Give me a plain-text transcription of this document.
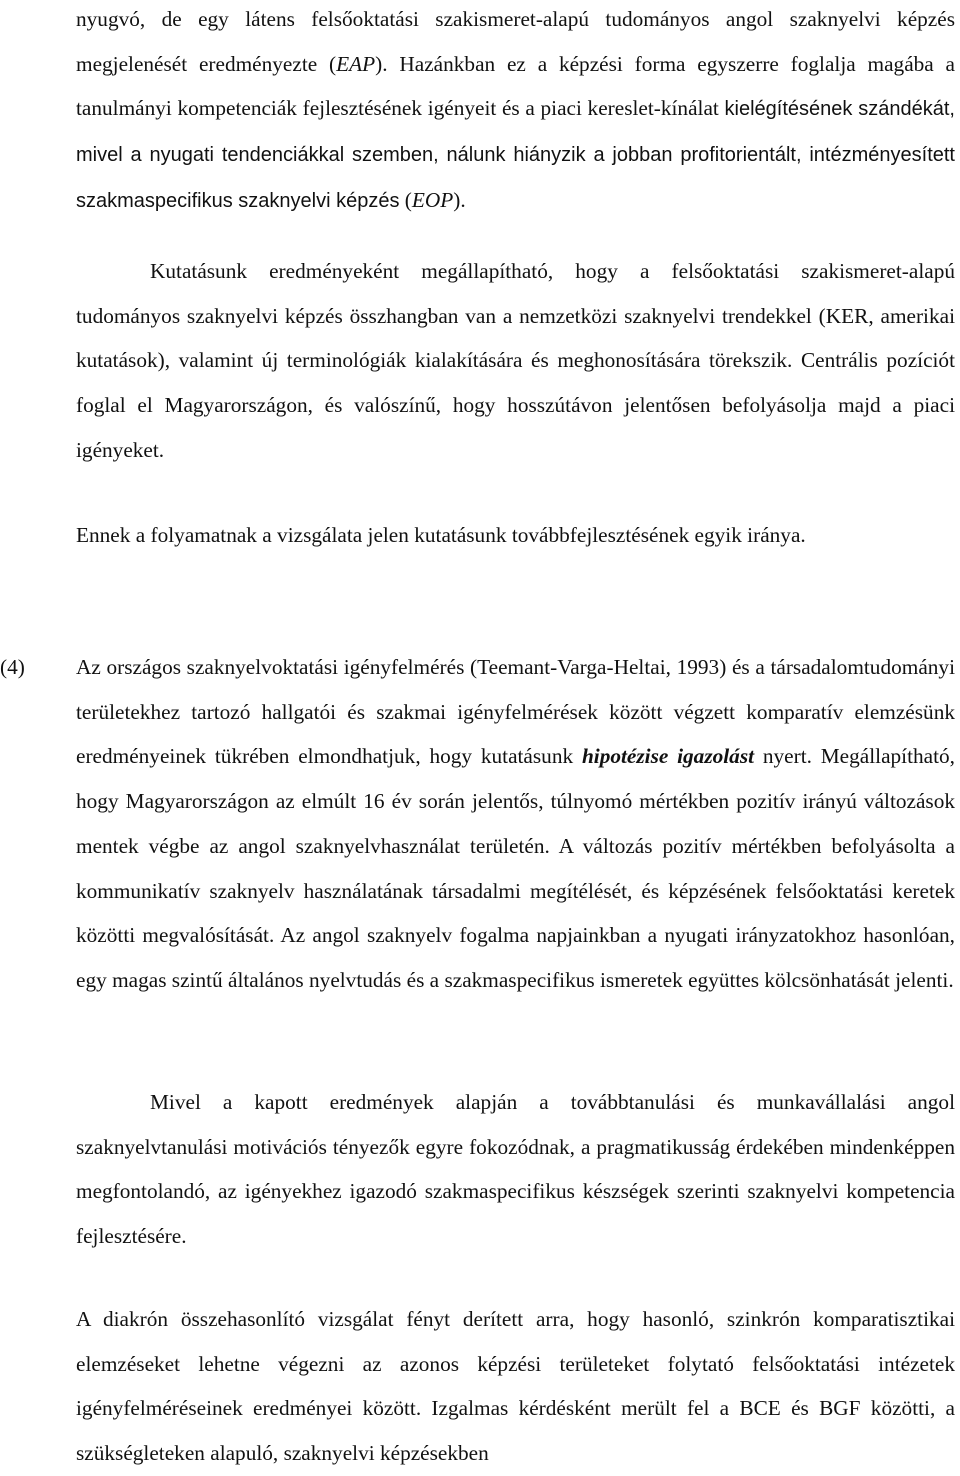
nyugvó, de egy látens felsőoktatási szakismeret-alapú tudományos angol szaknyelvi képzés megjelenését eredményezte (EAP). Hazánkban ez a képzési forma egyszerre foglalja magába a tanulmányi kompetenciák fejlesztésének igényeit és a piaci kereslet-kínálat kielégítésének szándékát, mivel a nyugati tendenciákkal szemben, nálunk hiányzik a jobban profitorientált, intézményesített szakmaspecifikus szaknyelvi képzés (EOP).

Kutatásunk eredményeként megállapítható, hogy a felsőoktatási szakismeret-alapú tudományos szaknyelvi képzés összhangban van a nemzetközi szaknyelvi trendekkel (KER, amerikai kutatások), valamint új terminológiák kialakítására és meghonosítására törekszik. Centrális pozíciót foglal el Magyarországon, és valószínű, hogy hosszútávon jelentősen befolyásolja majd a piaci igényeket.

Ennek a folyamatnak a vizsgálata jelen kutatásunk továbbfejlesztésének egyik iránya.

(4) Az országos szaknyelvoktatási igényfelmérés (Teemant-Varga-Heltai, 1993) és a társadalomtudományi területekhez tartozó hallgatói és szakmai igényfelmérések között végzett komparatív elemzésünk eredményeinek tükrében elmondhatjuk, hogy kutatásunk hipotézise igazolást nyert. Megállapítható, hogy Magyarországon az elmúlt 16 év során jelentős, túlnyomó mértékben pozitív irányú változások mentek végbe az angol szaknyelvhasználat területén. A változás pozitív mértékben befolyásolta a kommunikatív szaknyelv használatának társadalmi megítélését, és képzésének felsőoktatási keretek közötti megvalósítását. Az angol szaknyelv fogalma napjainkban a nyugati irányzatokhoz hasonlóan, egy magas szintű általános nyelvtudás és a szakmaspecifikus ismeretek együttes kölcsönhatását jelenti.

Mivel a kapott eredmények alapján a továbbtanulási és munkavállalási angol szaknyelvtanulási motivációs tényezők egyre fokozódnak, a pragmatikusság érdekében mindenképpen megfontolandó, az igényekhez igazodó szakmaspecifikus készségek szerinti szaknyelvi kompetencia fejlesztésére.

A diakrón összehasonlító vizsgálat fényt derített arra, hogy hasonló, szinkrón komparatisztikai elemzéseket lehetne végezni az azonos képzési területeket folytató felsőoktatási intézetek igényfelméréseinek eredményei között. Izgalmas kérdésként merült fel a BCE és BGF közötti, a szükségleteken alapuló, szaknyelvi képzésekben
